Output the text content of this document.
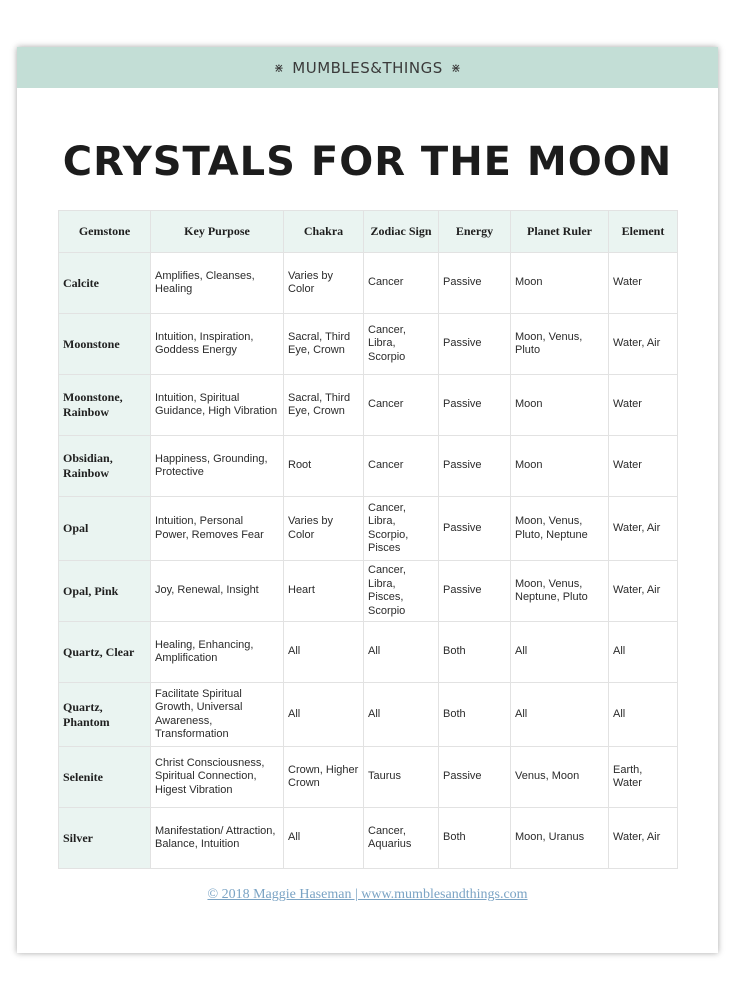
⋇ MUMBLES&THINGS ⋇
CRYSTALS FOR THE MOON
Gemstone	Key Purpose	Chakra	Zodiac Sign	Energy	Planet Ruler	Element
Calcite	Amplifies, Cleanses, Healing	Varies by Color	Cancer	Passive	Moon	Water
Moonstone	Intuition, Inspiration, Goddess Energy	Sacral, Third Eye, Crown	Cancer, Libra, Scorpio	Passive	Moon, Venus, Pluto	Water, Air
Moonstone, Rainbow	Intuition, Spiritual Guidance, High Vibration	Sacral, Third Eye, Crown	Cancer	Passive	Moon	Water
Obsidian, Rainbow	Happiness, Grounding, Protective	Root	Cancer	Passive	Moon	Water
Opal	Intuition, Personal Power, Removes Fear	Varies by Color	Cancer, Libra, Scorpio, Pisces	Passive	Moon, Venus, Pluto, Neptune	Water, Air
Opal, Pink	Joy, Renewal, Insight	Heart	Cancer, Libra, Pisces, Scorpio	Passive	Moon, Venus, Neptune, Pluto	Water, Air
Quartz, Clear	Healing, Enhancing, Amplification	All	All	Both	All	All
Quartz, Phantom	Facilitate Spiritual Growth, Universal Awareness, Transformation	All	All	Both	All	All
Selenite	Christ Consciousness, Spiritual Connection, Higest Vibration	Crown, Higher Crown	Taurus	Passive	Venus, Moon	Earth, Water
Silver	Manifestation/ Attraction, Balance, Intuition	All	Cancer, Aquarius	Both	Moon, Uranus	Water, Air
© 2018 Maggie Haseman | www.mumblesandthings.com
